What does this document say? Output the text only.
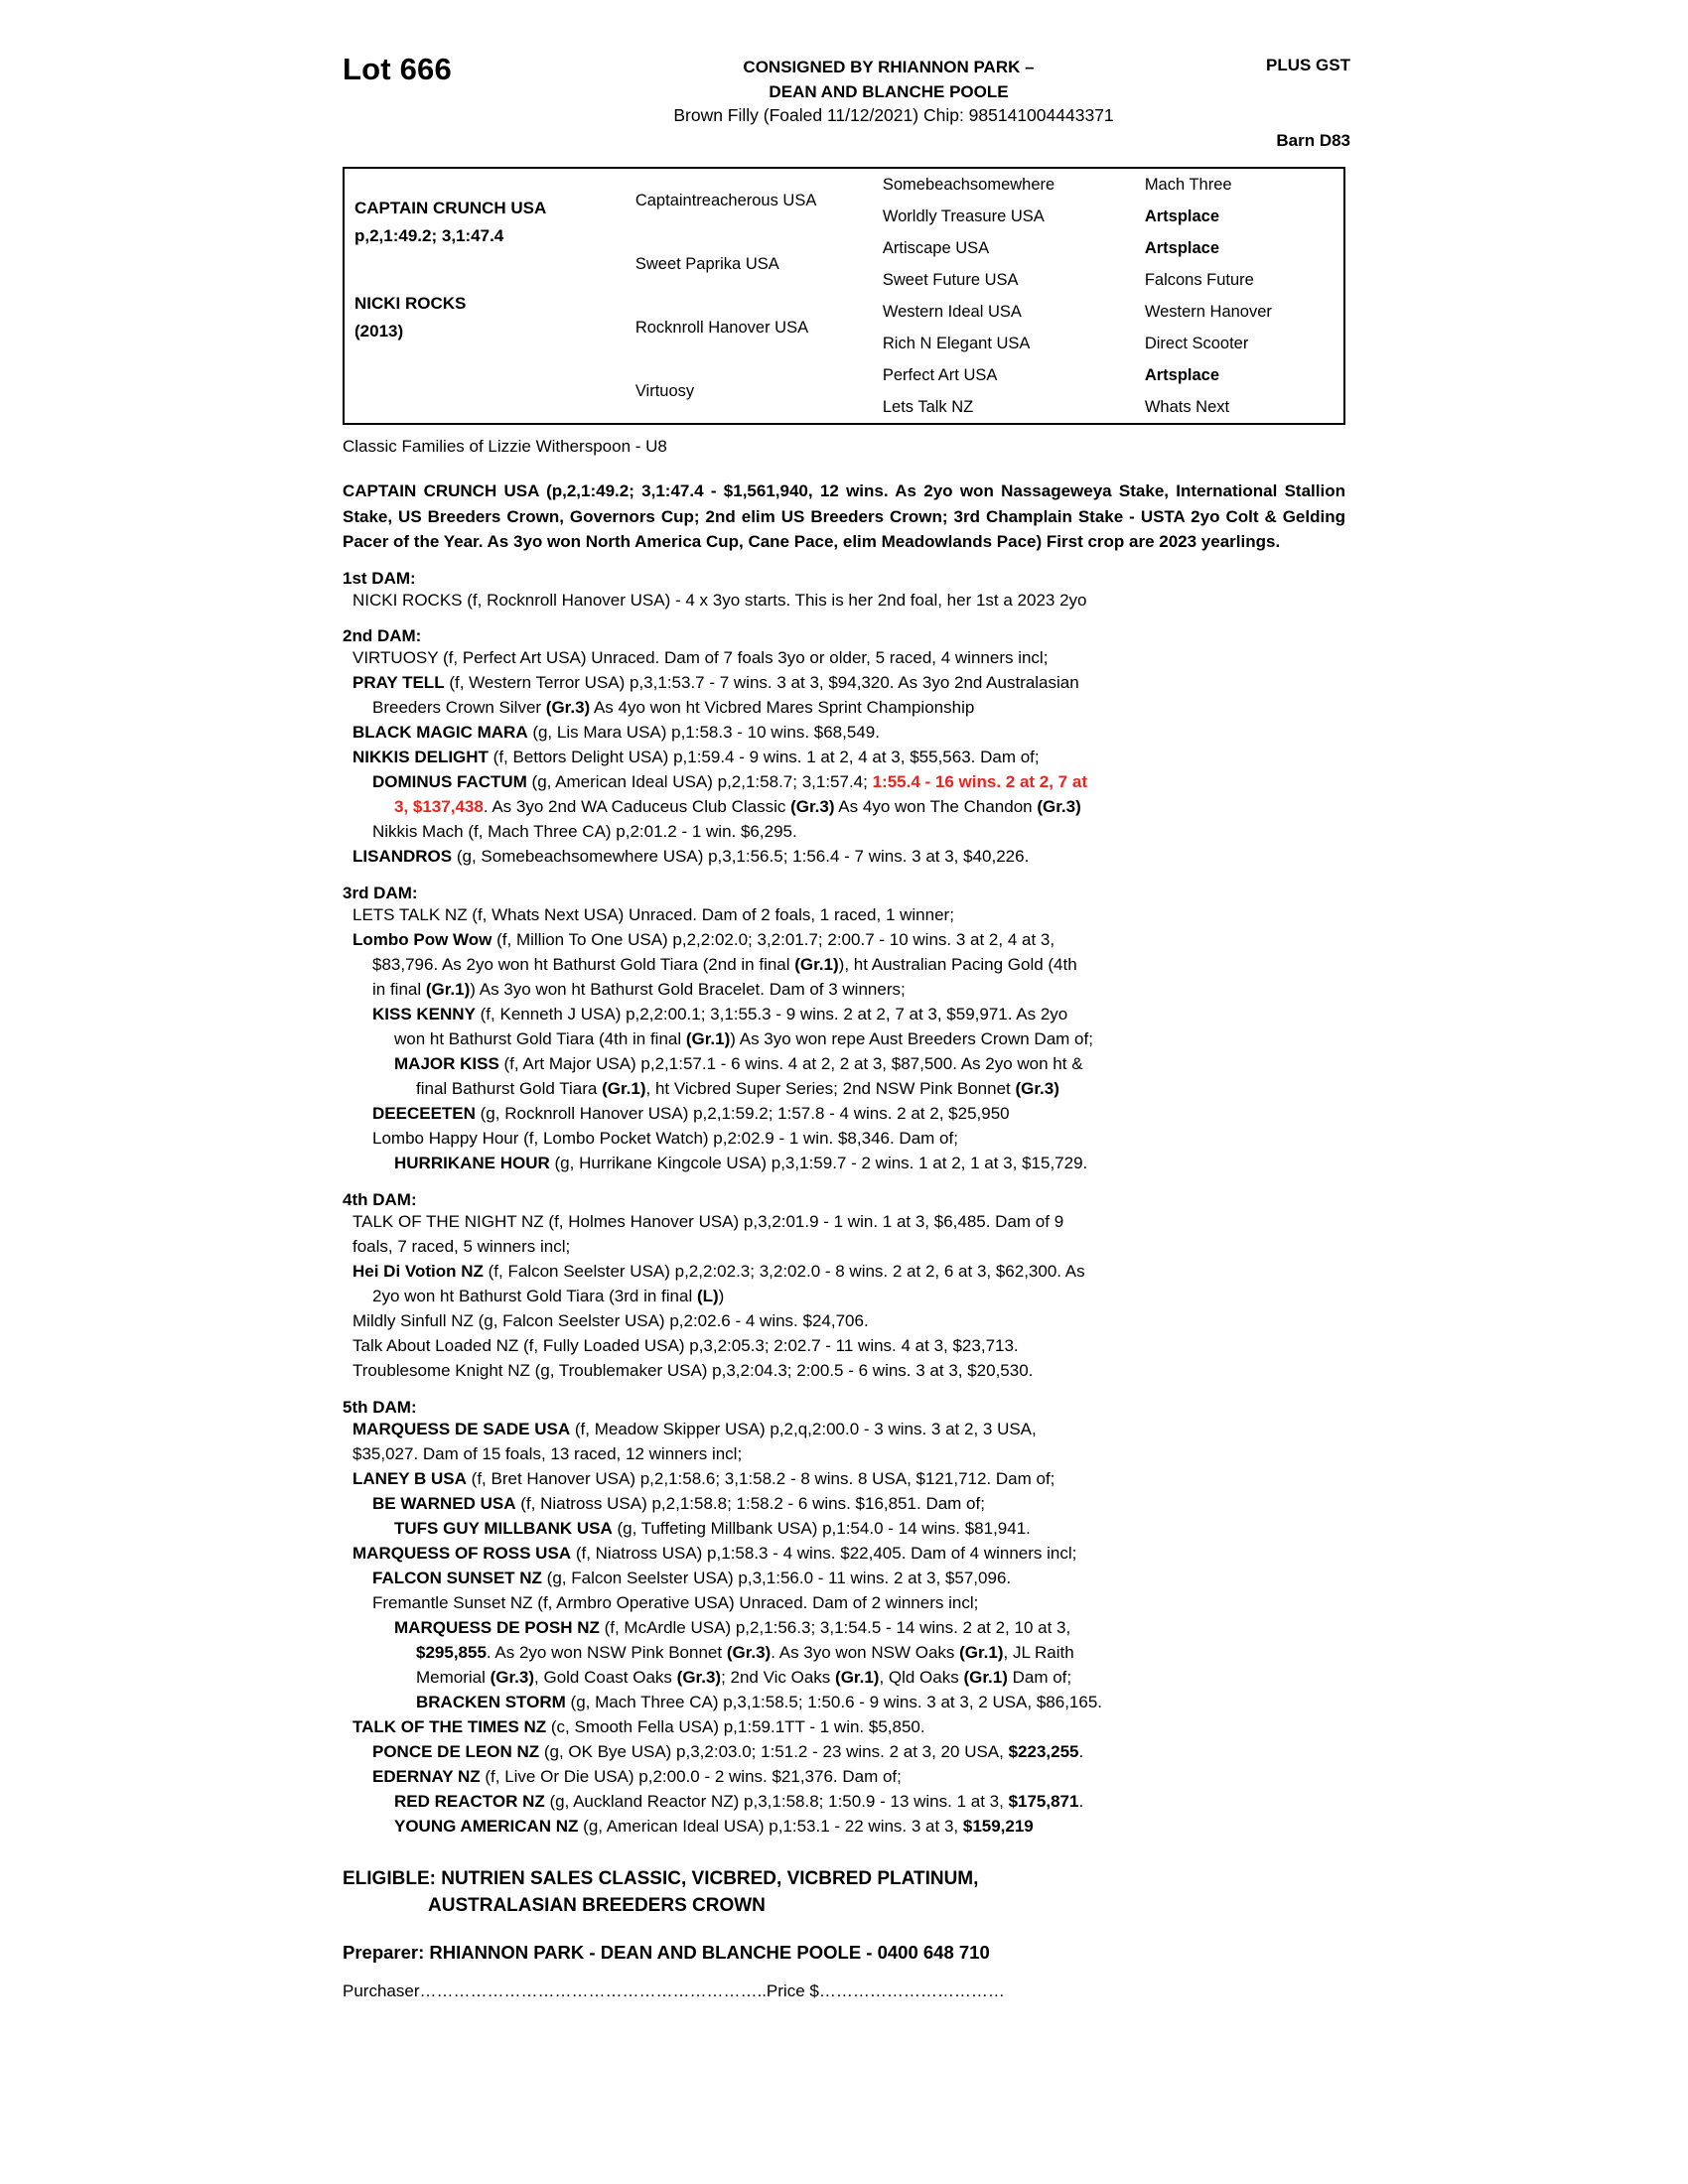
Lot 666	CONSIGNED BY RHIANNON PARK –
DEAN AND BLANCHE POOLE
PLUS GST
Brown Filly (Foaled 11/12/2021) Chip: 985141004443371
Barn D83
CAPTAIN CRUNCH USA
p,2,1:49.2; 3,1:47.4
NICKI ROCKS
(2013)
Captaintreacherous USA
Sweet Paprika USA
Rocknroll Hanover USA
Virtuosy
Somebeachsomewhere
Worldly Treasure USA
Artiscape USA
Sweet Future USA
Western Ideal USA
Rich N Elegant USA
Perfect Art USA
Lets Talk NZ
Mach Three
Artsplace
Artsplace
Falcons Future
Western Hanover
Direct Scooter
Artsplace
Whats Next
Classic Families of Lizzie Witherspoon - U8
CAPTAIN CRUNCH USA (p,2,1:49.2; 3,1:47.4 - $1,561,940, 12 wins. As 2yo won Nassageweya Stake, International Stallion Stake, US Breeders Crown, Governors Cup; 2nd elim US Breeders Crown; 3rd Champlain Stake - USTA 2yo Colt & Gelding Pacer of the Year. As 3yo won North America Cup, Cane Pace, elim Meadowlands Pace) First crop are 2023 yearlings.
1st DAM:
NICKI ROCKS (f, Rocknroll Hanover USA) - 4 x 3yo starts. This is her 2nd foal, her 1st a 2023 2yo
2nd DAM:
VIRTUOSY (f, Perfect Art USA) Unraced. Dam of 7 foals 3yo or older, 5 raced, 4 winners incl;
PRAY TELL (f, Western Terror USA) p,3,1:53.7 - 7 wins. 3 at 3, $94,320. As 3yo 2nd Australasian
Breeders Crown Silver (Gr.3) As 4yo won ht Vicbred Mares Sprint Championship
BLACK MAGIC MARA (g, Lis Mara USA) p,1:58.3 - 10 wins. $68,549.
NIKKIS DELIGHT (f, Bettors Delight USA) p,1:59.4 - 9 wins. 1 at 2, 4 at 3, $55,563. Dam of;
DOMINUS FACTUM (g, American Ideal USA) p,2,1:58.7; 3,1:57.4; 1:55.4 - 16 wins. 2 at 2, 7 at
3, $137,438. As 3yo 2nd WA Caduceus Club Classic (Gr.3) As 4yo won The Chandon (Gr.3)
Nikkis Mach (f, Mach Three CA) p,2:01.2 - 1 win. $6,295.
LISANDROS (g, Somebeachsomewhere USA) p,3,1:56.5; 1:56.4 - 7 wins. 3 at 3, $40,226.
3rd DAM:
LETS TALK NZ (f, Whats Next USA) Unraced. Dam of 2 foals, 1 raced, 1 winner;
Lombo Pow Wow (f, Million To One USA) p,2,2:02.0; 3,2:01.7; 2:00.7 - 10 wins. 3 at 2, 4 at 3,
$83,796. As 2yo won ht Bathurst Gold Tiara (2nd in final (Gr.1)), ht Australian Pacing Gold (4th
in final (Gr.1)) As 3yo won ht Bathurst Gold Bracelet. Dam of 3 winners;
KISS KENNY (f, Kenneth J USA) p,2,2:00.1; 3,1:55.3 - 9 wins. 2 at 2, 7 at 3, $59,971. As 2yo
won ht Bathurst Gold Tiara (4th in final (Gr.1)) As 3yo won repe Aust Breeders Crown Dam of;
MAJOR KISS (f, Art Major USA) p,2,1:57.1 - 6 wins. 4 at 2, 2 at 3, $87,500. As 2yo won ht &
final Bathurst Gold Tiara (Gr.1), ht Vicbred Super Series; 2nd NSW Pink Bonnet (Gr.3)
DEECEETEN (g, Rocknroll Hanover USA) p,2,1:59.2; 1:57.8 - 4 wins. 2 at 2, $25,950
Lombo Happy Hour (f, Lombo Pocket Watch) p,2:02.9 - 1 win. $8,346. Dam of;
HURRIKANE HOUR (g, Hurrikane Kingcole USA) p,3,1:59.7 - 2 wins. 1 at 2, 1 at 3, $15,729.
4th DAM:
TALK OF THE NIGHT NZ (f, Holmes Hanover USA) p,3,2:01.9 - 1 win. 1 at 3, $6,485. Dam of 9
foals, 7 raced, 5 winners incl;
Hei Di Votion NZ (f, Falcon Seelster USA) p,2,2:02.3; 3,2:02.0 - 8 wins. 2 at 2, 6 at 3, $62,300. As
2yo won ht Bathurst Gold Tiara (3rd in final (L))
Mildly Sinfull NZ (g, Falcon Seelster USA) p,2:02.6 - 4 wins. $24,706.
Talk About Loaded NZ (f, Fully Loaded USA) p,3,2:05.3; 2:02.7 - 11 wins. 4 at 3, $23,713.
Troublesome Knight NZ (g, Troublemaker USA) p,3,2:04.3; 2:00.5 - 6 wins. 3 at 3, $20,530.
5th DAM:
MARQUESS DE SADE USA (f, Meadow Skipper USA) p,2,q,2:00.0 - 3 wins. 3 at 2, 3 USA,
$35,027. Dam of 15 foals, 13 raced, 12 winners incl;
LANEY B USA (f, Bret Hanover USA) p,2,1:58.6; 3,1:58.2 - 8 wins. 8 USA, $121,712. Dam of;
BE WARNED USA (f, Niatross USA) p,2,1:58.8; 1:58.2 - 6 wins. $16,851. Dam of;
TUFS GUY MILLBANK USA (g, Tuffeting Millbank USA) p,1:54.0 - 14 wins. $81,941.
MARQUESS OF ROSS USA (f, Niatross USA) p,1:58.3 - 4 wins. $22,405. Dam of 4 winners incl;
FALCON SUNSET NZ (g, Falcon Seelster USA) p,3,1:56.0 - 11 wins. 2 at 3, $57,096.
Fremantle Sunset NZ (f, Armbro Operative USA) Unraced. Dam of 2 winners incl;
MARQUESS DE POSH NZ (f, McArdle USA) p,2,1:56.3; 3,1:54.5 - 14 wins. 2 at 2, 10 at 3,
$295,855. As 2yo won NSW Pink Bonnet (Gr.3). As 3yo won NSW Oaks (Gr.1), JL Raith
Memorial (Gr.3), Gold Coast Oaks (Gr.3); 2nd Vic Oaks (Gr.1), Qld Oaks (Gr.1) Dam of;
BRACKEN STORM (g, Mach Three CA) p,3,1:58.5; 1:50.6 - 9 wins. 3 at 3, 2 USA, $86,165.
TALK OF THE TIMES NZ (c, Smooth Fella USA) p,1:59.1TT - 1 win. $5,850.
PONCE DE LEON NZ (g, OK Bye USA) p,3,2:03.0; 1:51.2 - 23 wins. 2 at 3, 20 USA, $223,255.
EDERNAY NZ (f, Live Or Die USA) p,2:00.0 - 2 wins. $21,376. Dam of;
RED REACTOR NZ (g, Auckland Reactor NZ) p,3,1:58.8; 1:50.9 - 13 wins. 1 at 3, $175,871.
YOUNG AMERICAN NZ (g, American Ideal USA) p,1:53.1 - 22 wins. 3 at 3, $159,219
ELIGIBLE: NUTRIEN SALES CLASSIC, VICBRED, VICBRED PLATINUM,
AUSTRALASIAN BREEDERS CROWN
Preparer: RHIANNON PARK - DEAN AND BLANCHE POOLE - 0400 648 710
Purchaser……………………………………………………..Price $……………………………
